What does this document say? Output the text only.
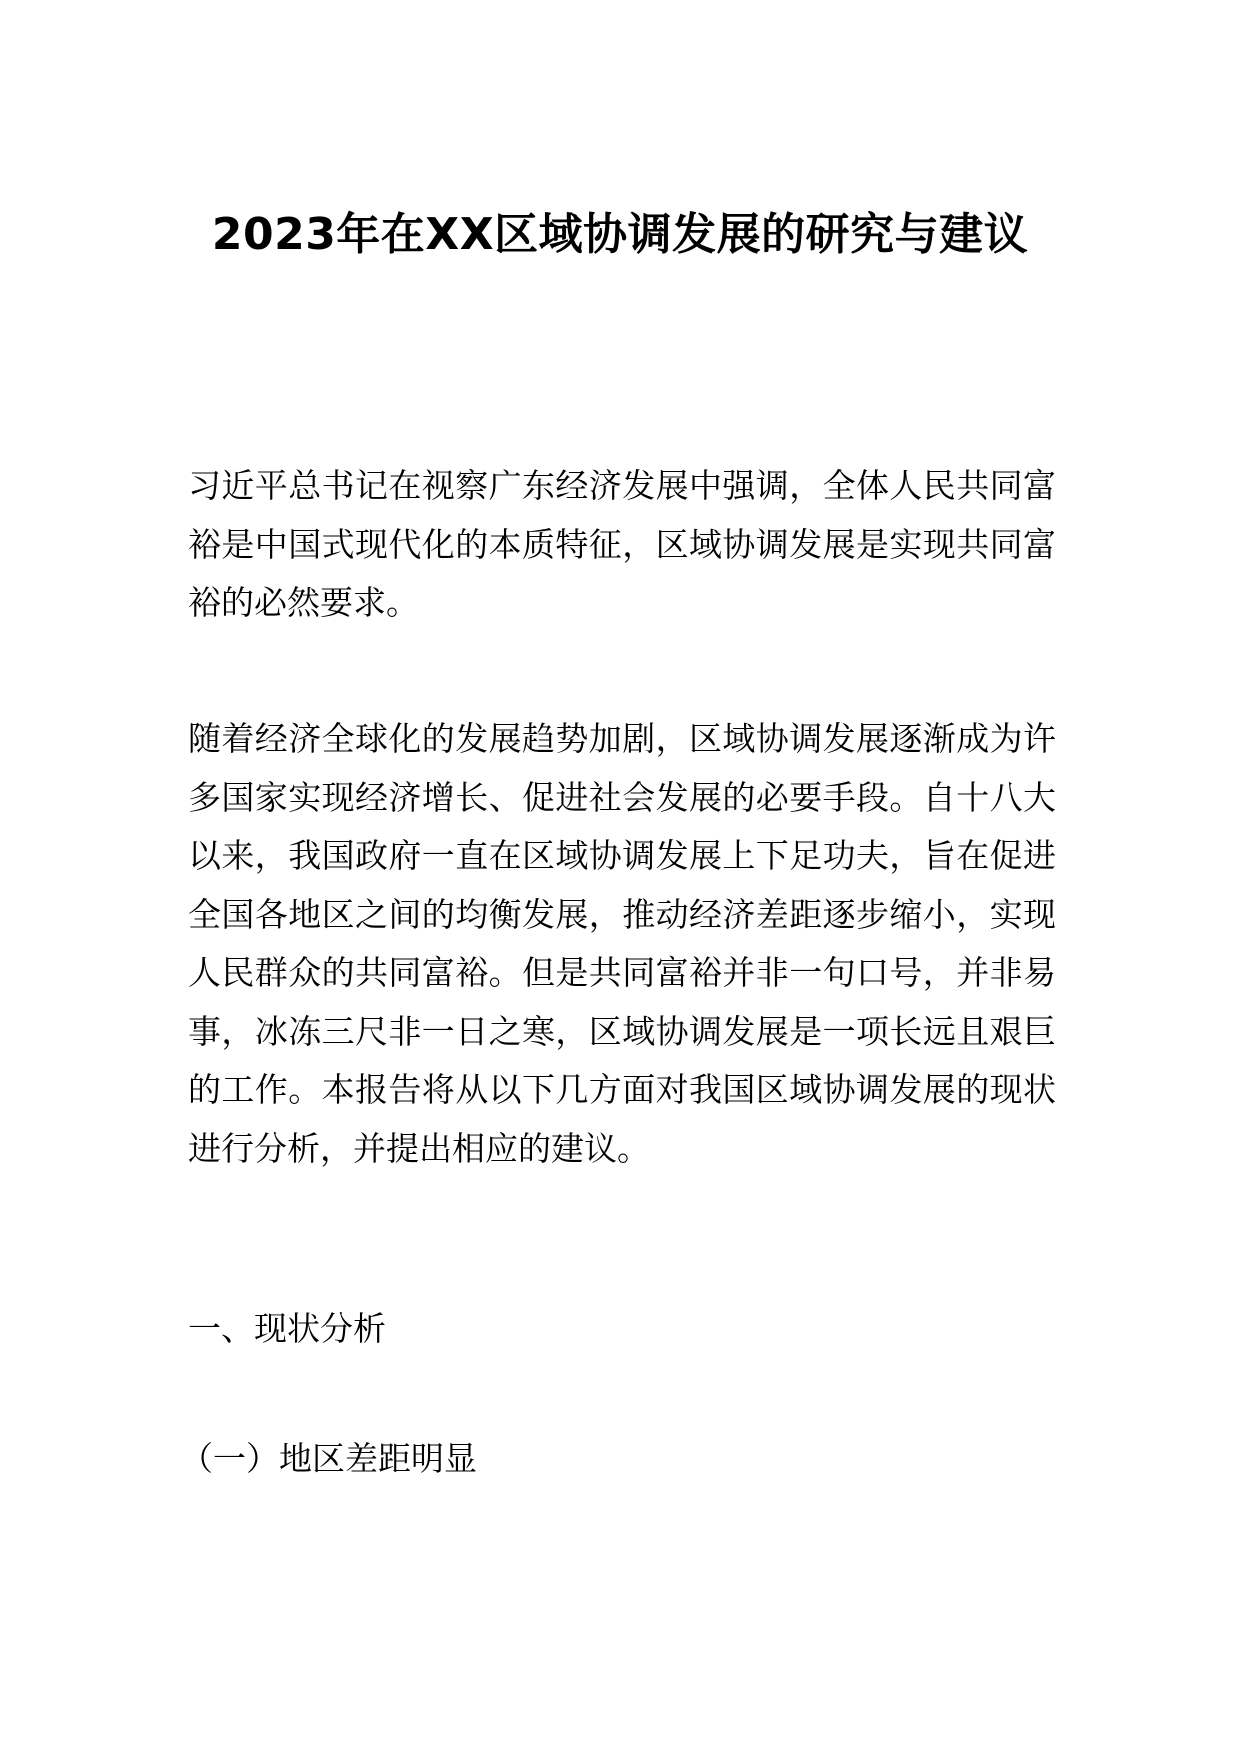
2023年在XX区域协调发展的研究与建议

习近平总书记在视察广东经济发展中强调，全体人民共同富裕是中国式现代化的本质特征，区域协调发展是实现共同富裕的必然要求。

随着经济全球化的发展趋势加剧，区域协调发展逐渐成为许多国家实现经济增长、促进社会发展的必要手段。自十八大以来，我国政府一直在区域协调发展上下足功夫，旨在促进全国各地区之间的均衡发展，推动经济差距逐步缩小，实现人民群众的共同富裕。但是共同富裕并非一句口号，并非易事，冰冻三尺非一日之寒，区域协调发展是一项长远且艰巨的工作。本报告将从以下几方面对我国区域协调发展的现状进行分析，并提出相应的建议。

一、现状分析

（一）地区差距明显
